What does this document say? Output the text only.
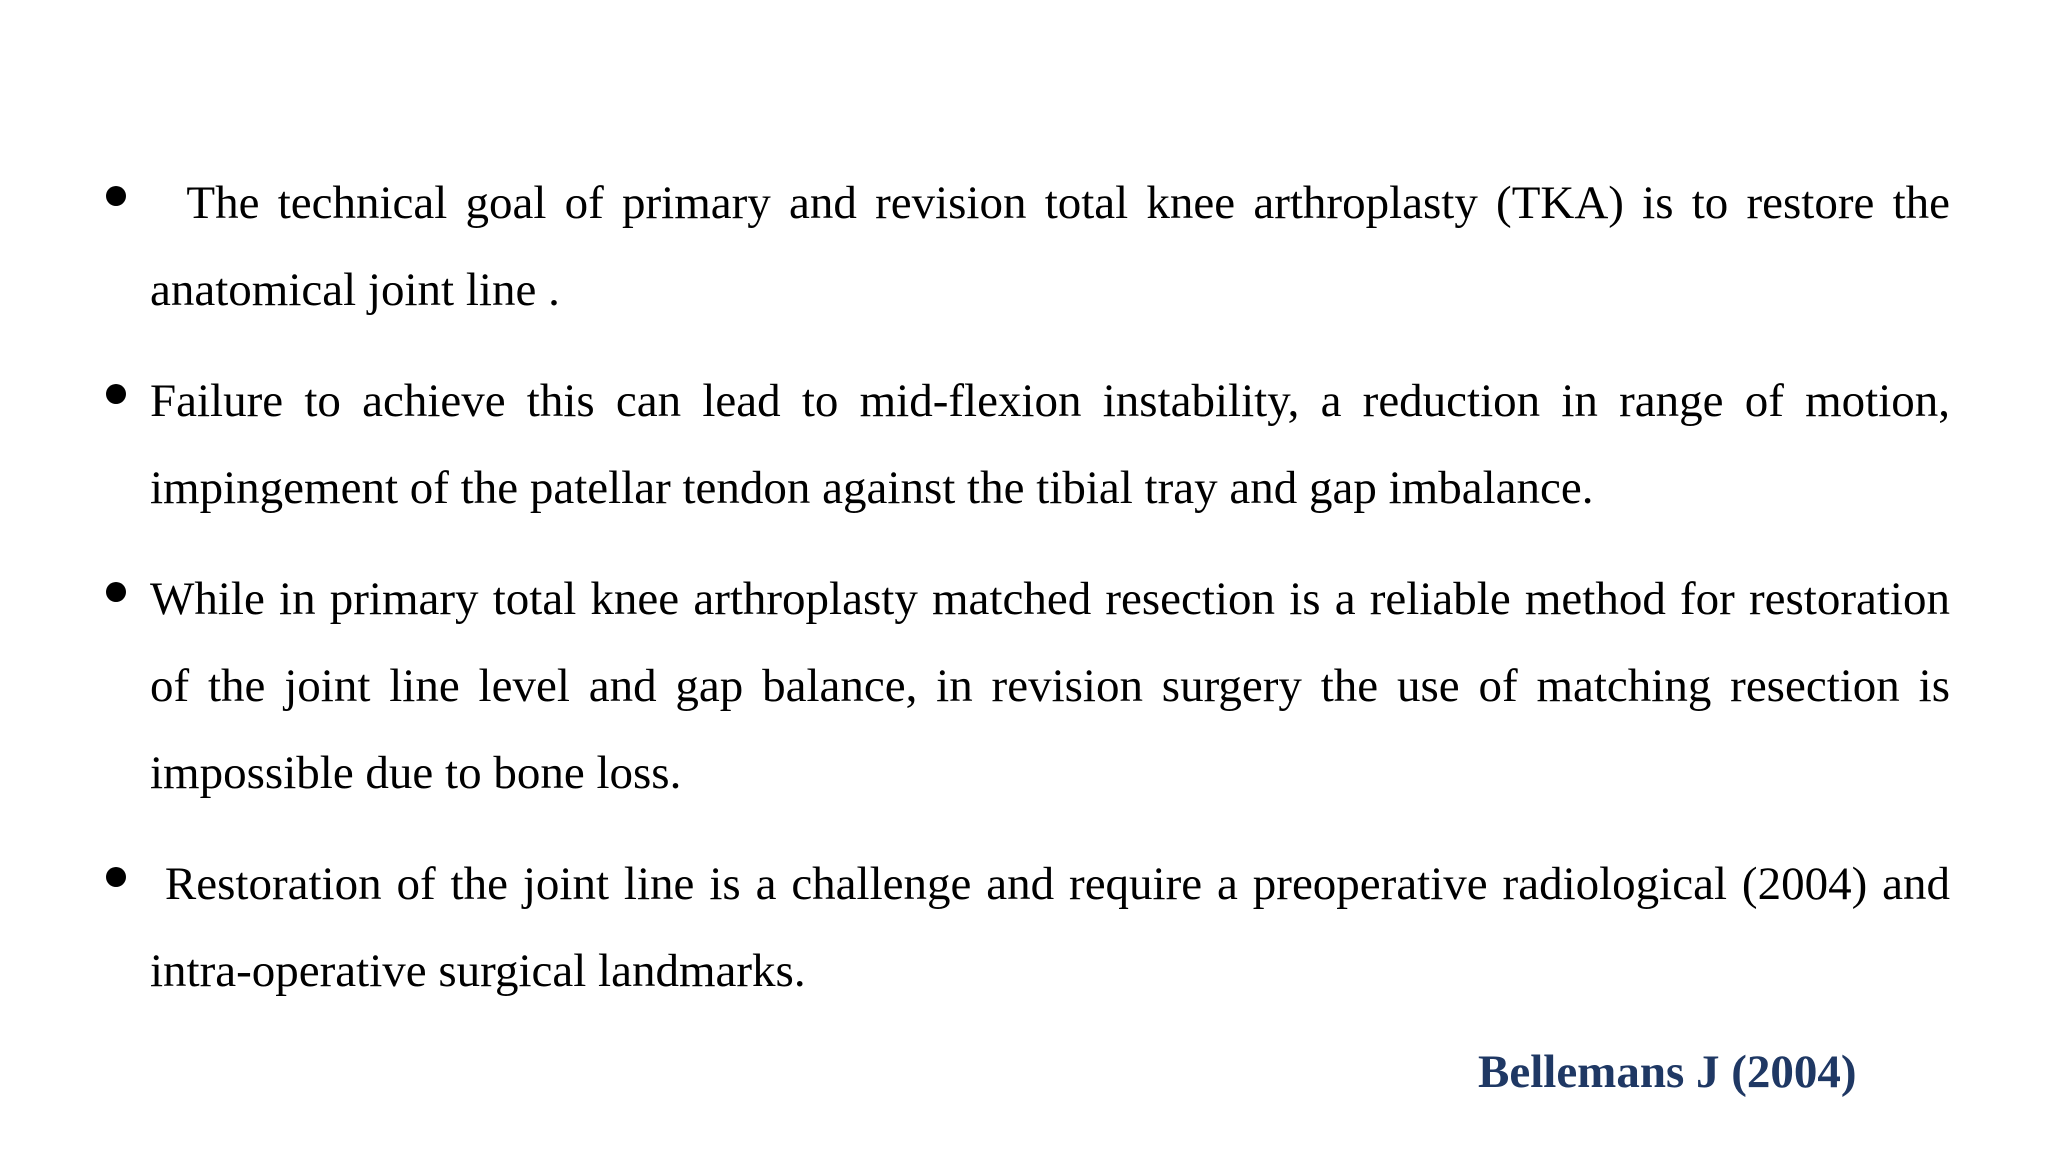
The technical goal of primary and revision total knee arthroplasty (TKA) is to restore the anatomical joint line .
Failure to achieve this can lead to mid-flexion instability, a reduction in range of motion, impingement of the patellar tendon against the tibial tray and gap imbalance.
While in primary total knee arthroplasty matched resection is a reliable method for restoration of the joint line level and gap balance, in revision surgery the use of matching resection is impossible due to bone loss.
Restoration of the joint line is a challenge and require a preoperative radiological (2004) and intra-operative surgical landmarks.
Bellemans J (2004)
